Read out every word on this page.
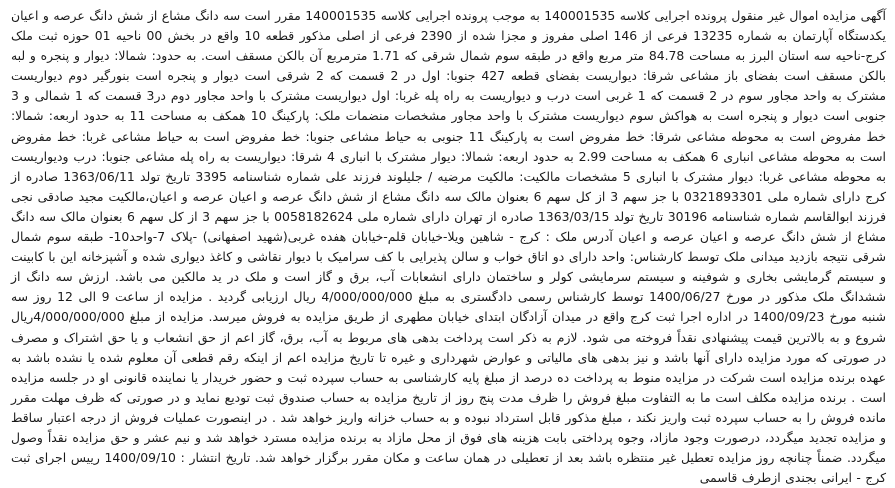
آگهی مزایده اموال غیر منقول پرونده اجرایی کلاسه 140001535 به موجب پرونده اجرایی کلاسه 140001535 مقرر است سه دانگ مشاع از شش دانگ عرصه و اعیان یکدستگاه آپارتمان به شماره 13235 فرعی از 146 اصلی مفروز و مجزا شده از 2390 فرعی از اصلی مذکور قطعه 10 واقع در بخش 00 ناحیه 01 حوزه ثبت ملک کرج-ناحیه سه استان البرز به مساحت 84.78 متر مربع واقع در طبقه سوم شمال شرقی که 1.71 مترمربع آن بالکن مسقف است. به حدود: شمالا: دیوار و پنجره و لبه بالکن مسقف است بفضای باز مشاعی شرقا: دیواریست بفضای قطعه 427 جنوبا: اول در 2 قسمت که 2 شرقی است دیوار و پنجره است بنورگیر دوم دیواریست مشترک به واحد مجاور سوم در 2 قسمت که 1 غربی است درب و دیواریست به راه پله غربا: اول دیواریست مشترک با واحد مجاور دوم در3 قسمت که 1 شمالی و 3 جنوبی است دیوار و پنجره است به هواکش سوم دیواریست مشترک با واحد مجاور مشخصات منضمات ملک: پارکینگ 10 همکف به مساحت 11 به حدود اربعه: شمالا: خط مفروض است به محوطه مشاعی شرقا: خط مفروض است به پارکینگ 11 جنوبی به حیاط مشاعی جنوبا: خط مفروض است به حیاط مشاعی غربا: خط مفروض است به محوطه مشاعی انباری 6 همکف به مساحت 2.99 به حدود اربعه: شمالا: دیوار مشترک با انباری 4 شرقا: دیواریست به راه پله مشاعی جنوبا: درب ودیواریست به محوطه مشاعی غربا: دیوار مشترک با انباری 5 مشخصات مالکیت: مالکیت مرضیه / جلیلوند فرزند علی شماره شناسنامه 3395 تاریخ تولد 1363/06/11 صادره از کرج دارای شماره ملی 0321893301 با جز سهم 3 از کل سهم 6 بعنوان مالک سه دانگ مشاع از شش دانگ عرصه و اعیان عرصه و اعیان،مالکیت مجید صادقی نجی فرزند ابوالقاسم شماره شناسنامه 30196 تاریخ تولد 1363/03/15 صادره از تهران دارای شماره ملی 0058182624 با جز سهم 3 از کل سهم 6 بعنوان مالک سه دانگ مشاع از شش دانگ عرصه و اعیان عرصه و اعیان آدرس ملک : کرج - شاهین ویلا-خیابان قلم-خیابان هفده غربی(شهید اصفهانی) -پلاک 7-واحد10- طبقه سوم شمال شرقی نتیجه بازدید میدانی ملک توسط کارشناس: واحد دارای دو اتاق خواب و سالن پذیرایی با کف سرامیک با دیوار نقاشی و کاغذ دیواری شده و آشپزخانه این با کابینت و سیستم گرمایشی بخاری و شوفینه و سیستم سرمایشی کولر و ساختمان دارای انشعابات آب، برق و گاز است و ملک در ید مالکین می باشد. ارزش سه دانگ از ششدانگ ملک مذکور در مورخ 1400/06/27 توسط کارشناس رسمی دادگستری به مبلغ 4/000/000/000 ریال ارزیابی گردید . مزایده از ساعت 9 الی 12 روز سه شنبه مورخ 1400/09/23 در اداره اجرا ثبت کرج واقع در میدان آزادگان ابتدای خیابان مطهری از طریق مزایده به فروش میرسد. مزایده از مبلغ 4/000/000/000ریال شروع و به بالاترین قیمت پیشنهادی نقداً فروخته می شود. لازم به ذکر است پرداخت بدهی های مربوط به آب، برق، گاز اعم از حق انشعاب و یا حق اشتراک و مصرف در صورتی که مورد مزایده دارای آنها باشد و نیز بدهی های مالیاتی و عوارض شهرداری و غیره تا تاریخ مزایده اعم از اینکه رقم قطعی آن معلوم شده یا نشده باشد به عهده برنده مزایده است شرکت در مزایده منوط به پرداخت ده درصد از مبلغ پایه کارشناسی به حساب سپرده ثبت و حضور خریدار یا نماینده قانونی او در جلسه مزایده است . برنده مزایده مکلف است ما به التفاوت مبلغ فروش را ظرف مدت پنج روز از تاریخ مزایده به حساب صندوق ثبت تودیع نماید و در صورتی که ظرف مهلت مقرر مانده فروش را به حساب سپرده ثبت واریز نکند ، مبلغ مذکور قابل استرداد نبوده و به حساب خزانه واریز خواهد شد . در اینصورت عملیات فروش از درجه اعتبار ساقط و مزایده تجدید میگردد، درصورت وجود مازاد، وجوه پرداختی بابت هزینه های فوق از محل مازاد به برنده مزایده مسترد خواهد شد و نیم عشر و حق مزایده نقداً وصول میگردد. ضمناً چنانچه روز مزایده تعطیل غیر منتظره باشد بعد از تعطیلی در همان ساعت و مکان مقرر برگزار خواهد شد. تاریخ انتشار : 1400/09/10 رییس اجرای ثبت کرج - ایرانی بجندی ازطرف قاسمی
